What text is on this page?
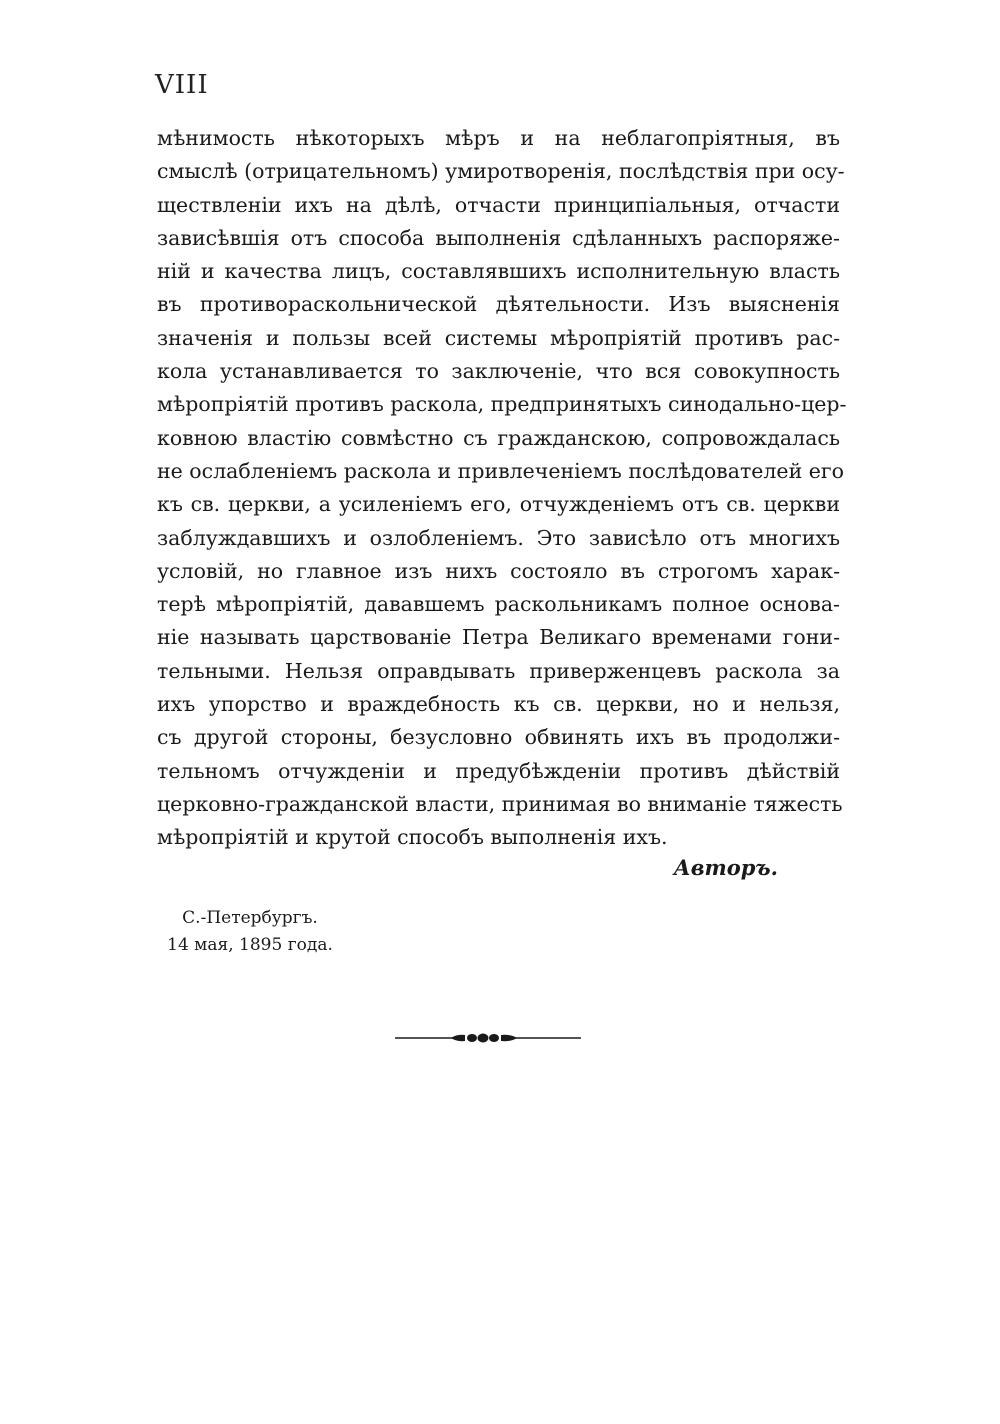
VIII
мѣнимость нѣкоторыхъ мѣръ и на неблагопріятныя, въ
смыслѣ (отрицательномъ) умиротворенія, послѣдствія при осу-
ществленіи ихъ на дѣлѣ, отчасти принципіальныя, отчасти
зависѣвшія отъ способа выполненія сдѣланныхъ распоряже-
ній и качества лицъ, составлявшихъ исполнительную власть
въ противораскольнической дѣятельности. Изъ выясненія
значенія и пользы всей системы мѣропріятій противъ рас-
кола устанавливается то заключеніе, что вся совокупность
мѣропріятій противъ раскола, предпринятыхъ синодально-цер-
ковною властію совмѣстно съ гражданскою, сопровождалась
не ослабленіемъ раскола и привлеченіемъ послѣдователей его
къ св. церкви, а усиленіемъ его, отчужденіемъ отъ св. церкви
заблуждавшихъ и озлобленіемъ. Это зависѣло отъ многихъ
условій, но главное изъ нихъ состояло въ строгомъ харак-
терѣ мѣропріятій, дававшемъ раскольникамъ полное основа-
ніе называть царствованіе Петра Великаго временами гони-
тельными. Нельзя оправдывать приверженцевъ раскола за
ихъ упорство и враждебность къ св. церкви, но и нельзя,
съ другой стороны, безусловно обвинять ихъ въ продолжи-
тельномъ отчужденіи и предубѣжденіи противъ дѣйствій
церковно-гражданской власти, принимая во вниманіе тяжесть
мѣропріятій и крутой способъ выполненія ихъ.
Авторъ.
С.-Петербургъ.
14 мая, 1895 года.
